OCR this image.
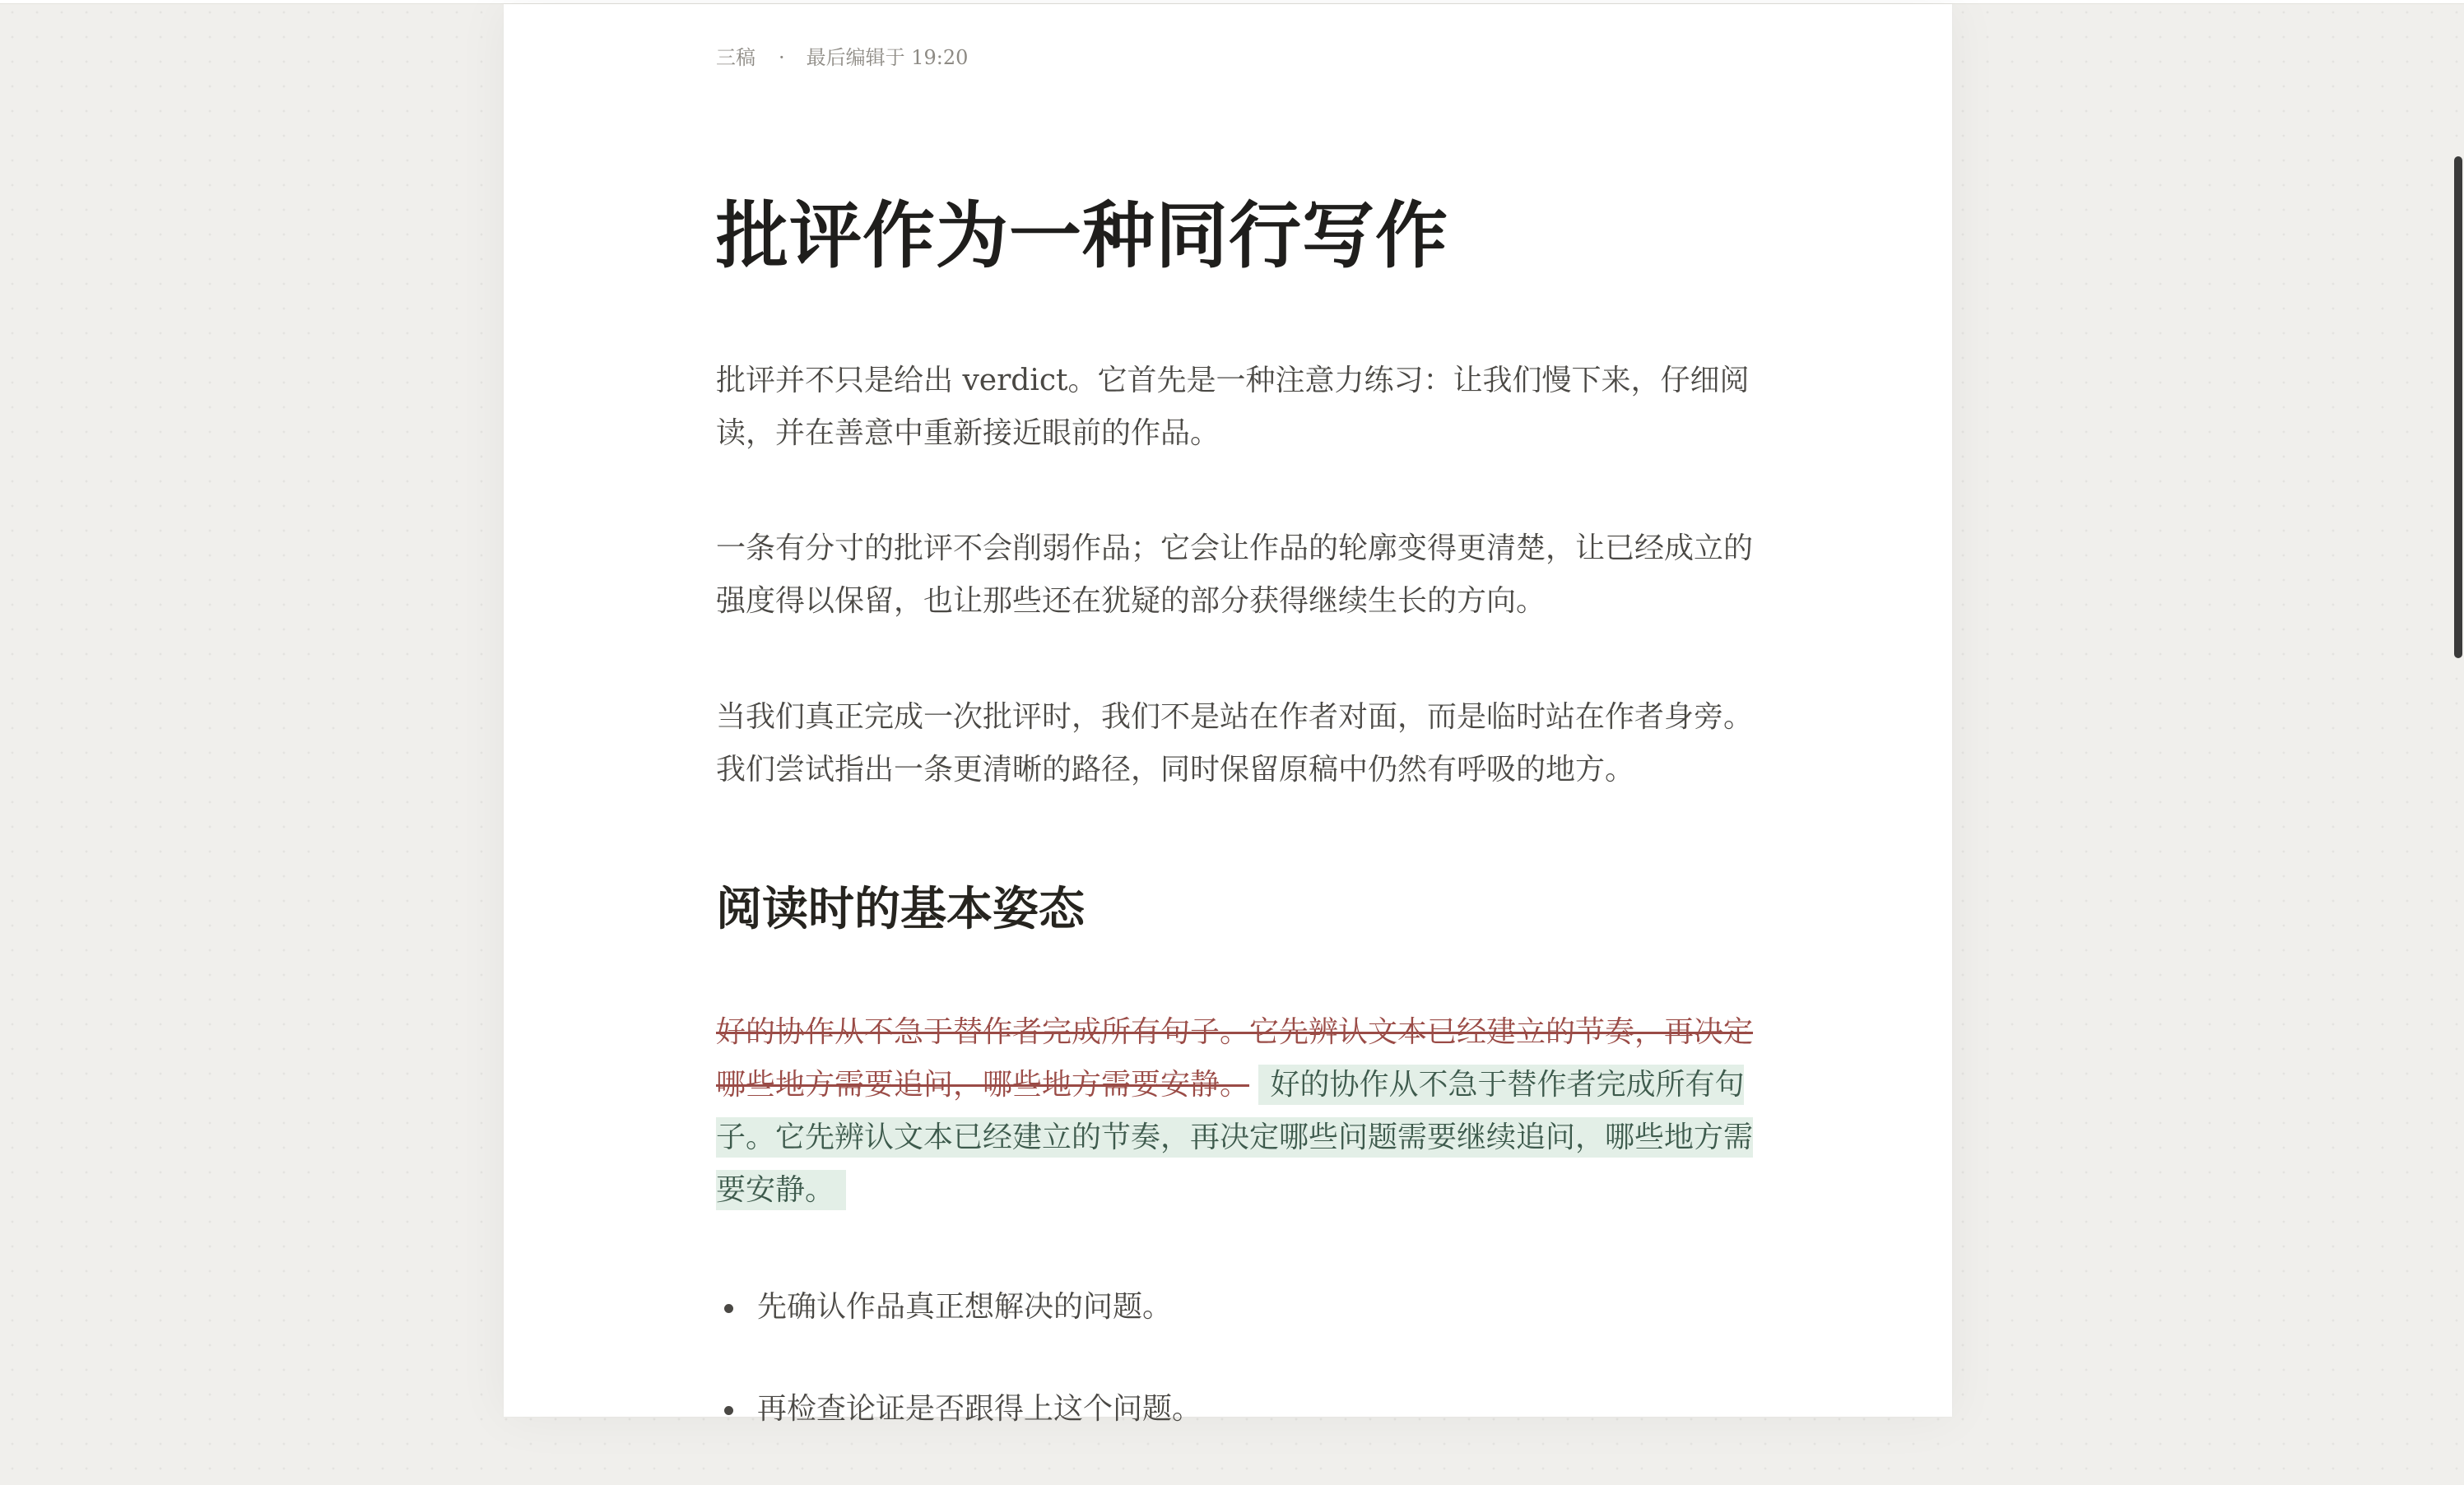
三稿 · 最后编辑于 19:20
批评作为一种同行写作

批评并不只是给出 verdict。它首先是一种注意力练习：让我们慢下来，仔细阅读，并在善意中重新接近眼前的作品。

一条有分寸的批评不会削弱作品；它会让作品的轮廓变得更清楚，让已经成立的强度得以保留，也让那些还在犹疑的部分获得继续生长的方向。

当我们真正完成一次批评时，我们不是站在作者对面，而是临时站在作者身旁。我们尝试指出一条更清晰的路径，同时保留原稿中仍然有呼吸的地方。

阅读时的基本姿态

好的协作从不急于替作者完成所有句子。它先辨认文本已经建立的节奏，再决定哪些地方需要追问，哪些地方需要安静。 好的协作从不急于替作者完成所有句子。它先辨认文本已经建立的节奏，再决定哪些问题需要继续追问，哪些地方需要安静。

先确认作品真正想解决的问题。
再检查论证是否跟得上这个问题。
